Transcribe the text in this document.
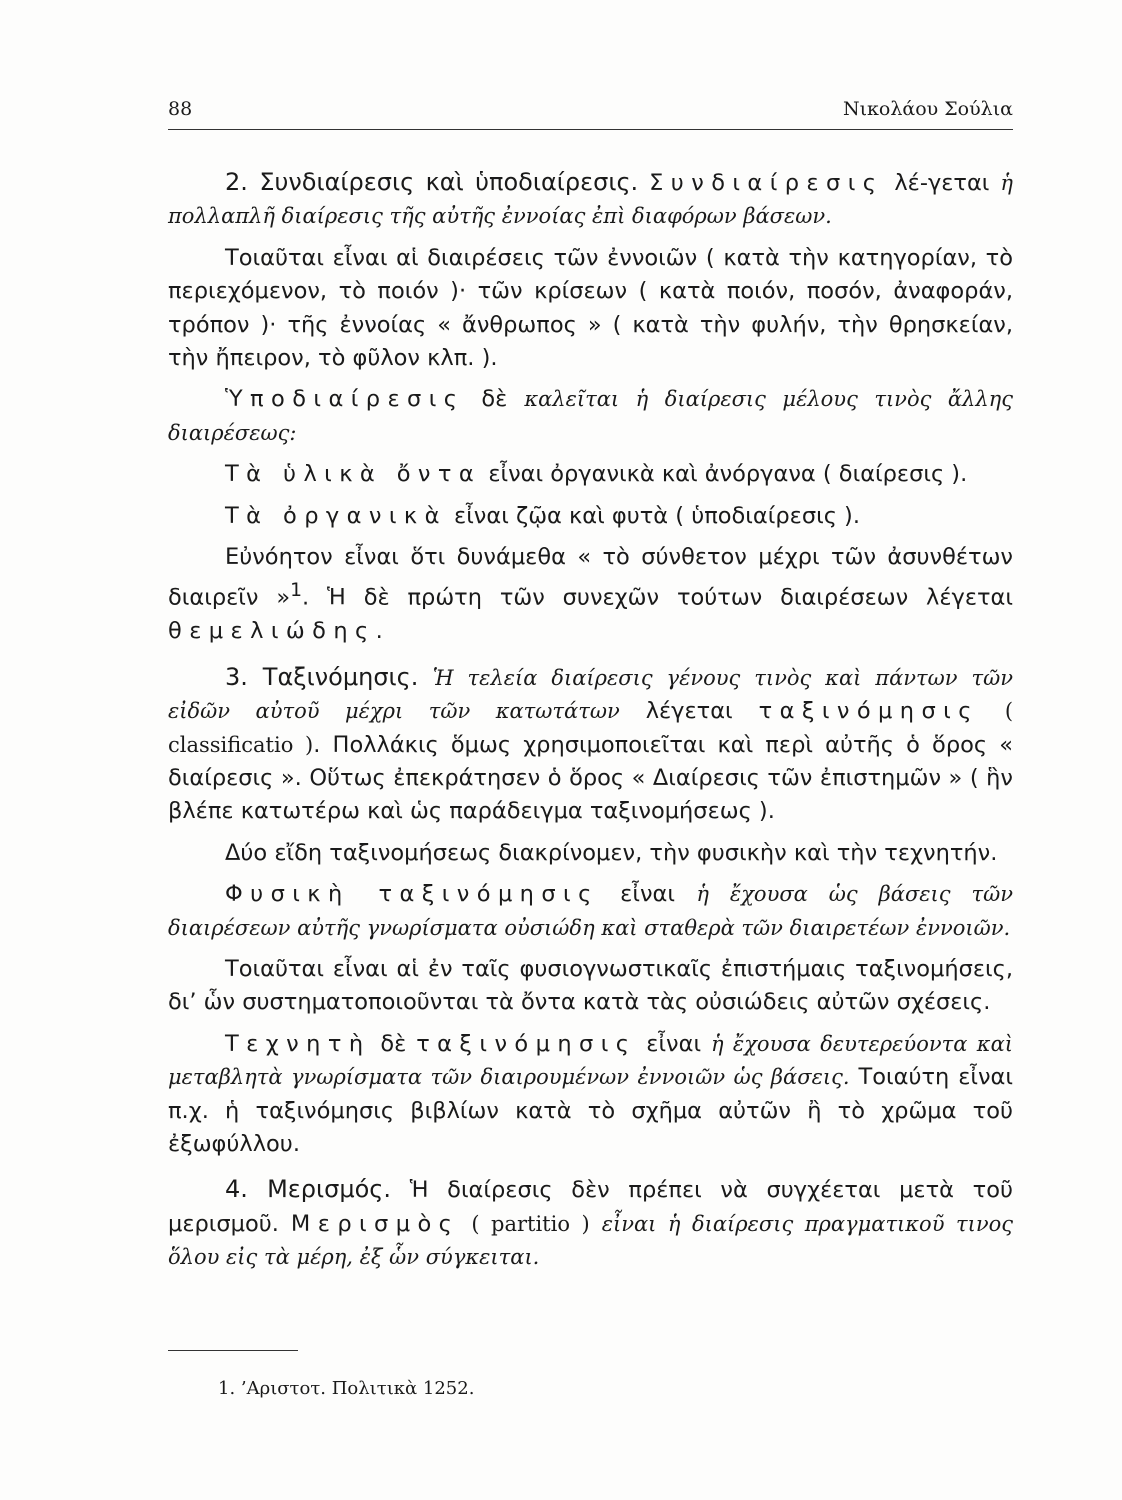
88	Νικολάου Σούλια

2. Συνδιαίρεσις καὶ ὑποδιαίρεσις. Συνδιαίρεσις λέ-γεται ἡ πολλαπλῆ διαίρεσις τῆς αὐτῆς ἐννοίας ἐπὶ διαφόρων βάσεων.

Τοιαῦται εἶναι αἱ διαιρέσεις τῶν ἐννοιῶν ( κατὰ τὴν κατηγορίαν, τὸ περιεχόμενον, τὸ ποιόν )· τῶν κρίσεων ( κατὰ ποιόν, ποσόν, ἀναφοράν, τρόπον )· τῆς ἐννοίας « ἄνθρωπος » ( κατὰ τὴν φυλήν, τὴν θρησκείαν, τὴν ἤπειρον, τὸ φῦλον κλπ. ).

Ὑποδιαίρεσις δὲ καλεῖται ἡ διαίρεσις μέλους τινὸς ἄλλης διαιρέσεως:

Τὰ ὑλικὰ ὄντα εἶναι ὀργανικὰ καὶ ἀνόργανα ( διαίρεσις ).

Τὰ ὀργανικὰ εἶναι ζῷα καὶ φυτὰ ( ὑποδιαίρεσις ).

Εὐνόητον εἶναι ὅτι δυνάμεθα « τὸ σύνθετον μέχρι τῶν ἀσυνθέτων διαιρεῖν »$^1$. Ἡ δὲ πρώτη τῶν συνεχῶν τούτων διαιρέσεων λέγεται θεμελιώδης.

3. Ταξινόμησις. Ἡ τελεία διαίρεσις γένους τινὸς καὶ πάντων τῶν εἰδῶν αὐτοῦ μέχρι τῶν κατωτάτων λέγεται ταξινόμησις ( classificatio ). Πολλάκις ὅμως χρησιμοποιεῖται καὶ περὶ αὐτῆς ὁ ὅρος « διαίρεσις ». Οὕτως ἐπεκράτησεν ὁ ὅρος « Διαίρεσις τῶν ἐπιστημῶν » ( ἣν βλέπε κατωτέρω καὶ ὡς παράδειγμα ταξινομήσεως ).

Δύο εἴδη ταξινομήσεως διακρίνομεν, τὴν φυσικὴν καὶ τὴν τεχνητήν.

Φυσικὴ ταξινόμησις εἶναι ἡ ἔχουσα ὡς βάσεις τῶν διαιρέσεων αὐτῆς γνωρίσματα οὐσιώδη καὶ σταθερὰ τῶν διαιρετέων ἐννοιῶν.

Τοιαῦται εἶναι αἱ ἐν ταῖς φυσιογνωστικαῖς ἐπιστήμαις ταξινομήσεις, δι’ ὧν συστηματοποιοῦνται τὰ ὄντα κατὰ τὰς οὐσιώδεις αὐτῶν σχέσεις.

Τεχνητὴ δὲ ταξινόμησις εἶναι ἡ ἔχουσα δευτερεύοντα καὶ μεταβλητὰ γνωρίσματα τῶν διαιρουμένων ἐννοιῶν ὡς βάσεις. Τοιαύτη εἶναι π.χ. ἡ ταξινόμησις βιβλίων κατὰ τὸ σχῆμα αὐτῶν ἢ τὸ χρῶμα τοῦ ἐξωφύλλου.

4. Μερισμός. Ἡ διαίρεσις δὲν πρέπει νὰ συγχέεται μετὰ τοῦ μερισμοῦ. Μερισμὸς ( partitio ) εἶναι ἡ διαίρεσις πραγματικοῦ τινος ὅλου εἰς τὰ μέρη, ἐξ ὧν σύγκειται.

1. ’Αριστοτ. Πολιτικὰ 1252.
